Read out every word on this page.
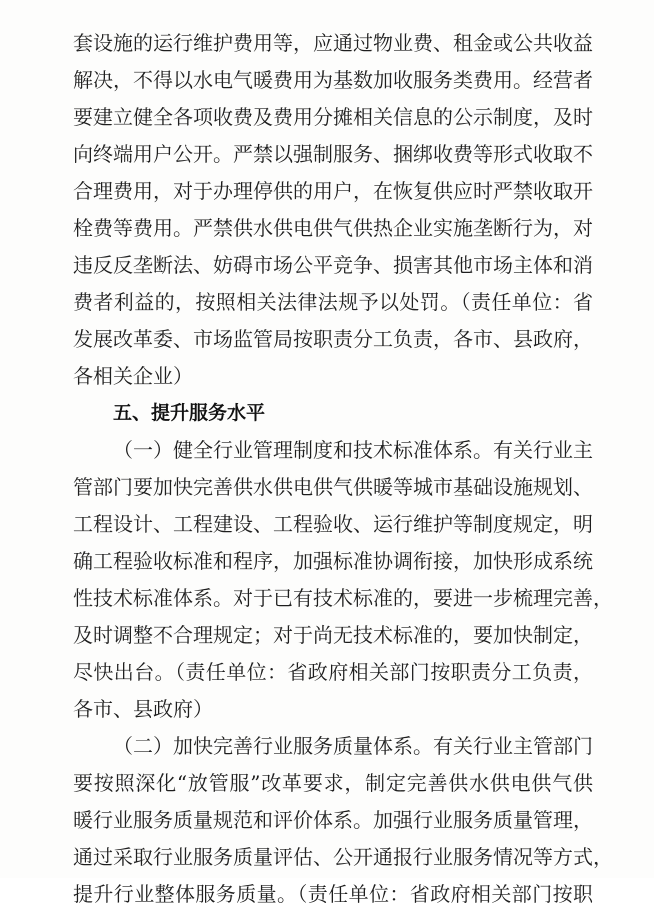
套设施的运行维护费用等，应通过物业费、租金或公共收益
解决，不得以水电气暖费用为基数加收服务类费用。经营者
要建立健全各项收费及费用分摊相关信息的公示制度，及时
向终端用户公开。严禁以强制服务、捆绑收费等形式收取不
合理费用，对于办理停供的用户，在恢复供应时严禁收取开
栓费等费用。严禁供水供电供气供热企业实施垄断行为，对
违反反垄断法、妨碍市场公平竞争、损害其他市场主体和消
费者利益的，按照相关法律法规予以处罚。（责任单位：省
发展改革委、市场监管局按职责分工负责，各市、县政府，
各相关企业）
五、提升服务水平
（一）健全行业管理制度和技术标准体系。有关行业主
管部门要加快完善供水供电供气供暖等城市基础设施规划、
工程设计、工程建设、工程验收、运行维护等制度规定，明
确工程验收标准和程序，加强标准协调衔接，加快形成系统
性技术标准体系。对于已有技术标准的，要进一步梳理完善，
及时调整不合理规定；对于尚无技术标准的，要加快制定，
尽快出台。（责任单位：省政府相关部门按职责分工负责，
各市、县政府）
（二）加快完善行业服务质量体系。有关行业主管部门
要按照深化“放管服”改革要求，制定完善供水供电供气供
暖行业服务质量规范和评价体系。加强行业服务质量管理，
通过采取行业服务质量评估、公开通报行业服务情况等方式，
提升行业整体服务质量。（责任单位：省政府相关部门按职
